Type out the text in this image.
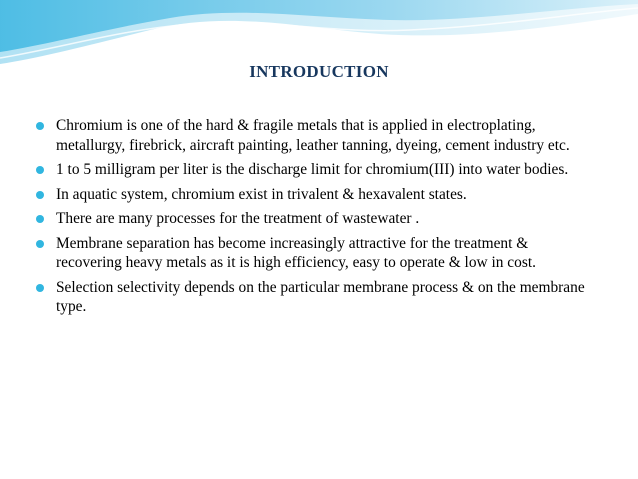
INTRODUCTION
Chromium is one of the hard & fragile metals that is applied in electroplating, metallurgy, firebrick, aircraft painting, leather tanning, dyeing, cement industry etc.
1 to 5 milligram per liter is the discharge limit for chromium(III) into water bodies.
In aquatic system, chromium exist in trivalent & hexavalent states.
There are many processes for the treatment of wastewater .
Membrane separation has become increasingly attractive for the treatment & recovering heavy metals as it is high efficiency, easy to operate & low in cost.
Selection selectivity depends on the particular membrane process & on the membrane type.
